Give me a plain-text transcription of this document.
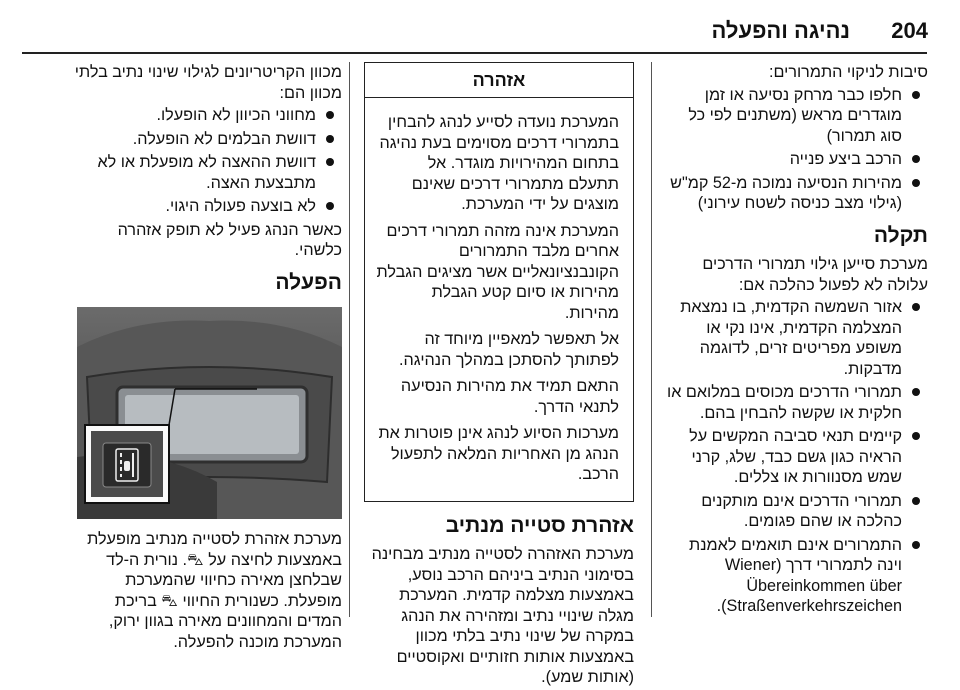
נהיגה והפעלה 204

סיבות לניקוי התמרורים:

חלפו כבר מרחק נסיעה או זמן מוגדרים מראש (משתנים לפי כל סוג תמרור)
הרכב ביצע פנייה
מהירות הנסיעה נמוכה מ-52 קמ"ש (גילוי מצב כניסה לשטח עירוני)
תקלה

מערכת סייען גילוי תמרורי הדרכים עלולה לא לפעול כהלכה אם:

אזור השמשה הקדמית, בו נמצאת המצלמה הקדמית, אינו נקי או משופע מפריטים זרים, לדוגמה מדבקות.
תמרורי הדרכים מכוסים במלואם או חלקית או שקשה להבחין בהם.
קיימים תנאי סביבה המקשים על הראיה כגון גשם כבד, שלג, קרני שמש מסנוורות או צללים.
תמרורי הדרכים אינם מותקנים כהלכה או שהם פגומים.
התמרורים אינם תואמים לאמנת וינה לתמרורי דרך (Wiener Übereinkommen über Straßenverkehrszeichen).
אזהרה

המערכת נועדה לסייע לנהג להבחין בתמרורי דרכים מסוימים בעת נהיגה בתחום המהירויות מוגדר. אל תתעלם מתמרורי דרכים שאינם מוצגים על ידי המערכת.

המערכת אינה מזהה תמרורי דרכים אחרים מלבד התמרורים הקונבנציונאליים אשר מציגים הגבלת מהירות או סיום קטע הגבלת מהירות.

אל תאפשר למאפיין מיוחד זה לפתותך להסתכן במהלך הנהיגה.

התאם תמיד את מהירות הנסיעה לתנאי הדרך.

מערכות הסיוע לנהג אינן פוטרות את הנהג מן האחריות המלאה לתפעול הרכב.

אזהרת סטייה מנתיב

מערכת האזהרה לסטייה מנתיב מבחינה בסימוני הנתיב ביניהם הרכב נוסע, באמצעות מצלמה קדמית. המערכת מגלה שינויי נתיב ומזהירה את הנהג במקרה של שינוי נתיב בלתי מכוון באמצעות אותות חזותיים ואקוסטיים (אותות שמע).

מכוון הקריטריונים לגילוי שינוי נתיב בלתי מכוון הם:

מחווני הכיוון לא הופעלו.
דוושת הבלמים לא הופעלה.
דוושת ההאצה לא מופעלת או לא מתבצעת האצה.
לא בוצעה פעולה היגוי.

כאשר הנהג פעיל לא תופק אזהרה כלשהי.

הפעלה

מערכת אזהרת לסטייה מנתיב מופעלת באמצעות לחיצה על ⛍. נורית ה-לד שבלחצן מאירה כחיווי שהמערכת מופעלת. כשנורית החיווי ⛍ בריכת המדים והמחוונים מאירה בגוון ירוק, המערכת מוכנה להפעלה.
